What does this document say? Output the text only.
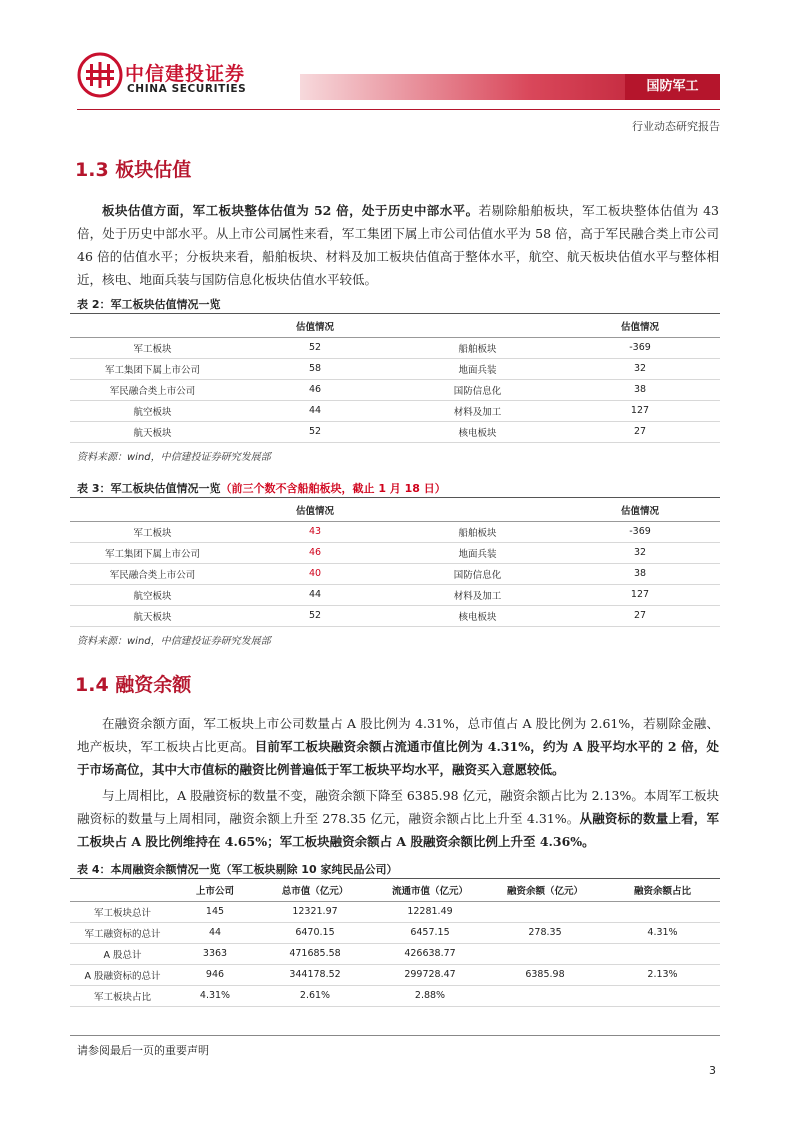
中信建投证券
CHINA SECURITIES	国防军工
行业动态研究报告
1.3 板块估值
板块估值方面，军工板块整体估值为 52 倍，处于历史中部水平。若剔除船舶板块，军工板块整体估值为 43 倍，处于历史中部水平。从上市公司属性来看，军工集团下属上市公司估值水平为 58 倍，高于军民融合类上市公司 46 倍的估值水平；分板块来看，船舶板块、材料及加工板块估值高于整体水平，航空、航天板块估值水平与整体相近，核电、地面兵装与国防信息化板块估值水平较低。
表 2：军工板块估值情况一览
	估值情况		估值情况
军工板块	52	船舶板块	-369
军工集团下属上市公司	58	地面兵装	32
军民融合类上市公司	46	国防信息化	38
航空板块	44	材料及加工	127
航天板块	52	核电板块	27
资料来源：wind，中信建投证券研究发展部
表 3：军工板块估值情况一览（前三个数不含船舶板块，截止 1 月 18 日）
	估值情况		估值情况
军工板块	43	船舶板块	-369
军工集团下属上市公司	46	地面兵装	32
军民融合类上市公司	40	国防信息化	38
航空板块	44	材料及加工	127
航天板块	52	核电板块	27
资料来源：wind，中信建投证券研究发展部
1.4 融资余额
在融资余额方面，军工板块上市公司数量占 A 股比例为 4.31%，总市值占 A 股比例为 2.61%，若剔除金融、地产板块，军工板块占比更高。目前军工板块融资余额占流通市值比例为 4.31%，约为 A 股平均水平的 2 倍，处于市场高位，其中大市值标的融资比例普遍低于军工板块平均水平，融资买入意愿较低。
与上周相比，A 股融资标的数量不变，融资余额下降至 6385.98 亿元，融资余额占比为 2.13%。本周军工板块融资标的数量与上周相同，融资余额上升至 278.35 亿元，融资余额占比上升至 4.31%。从融资标的数量上看，军工板块占 A 股比例维持在 4.65%；军工板块融资余额占 A 股融资余额比例上升至 4.36%。
表 4：本周融资余额情况一览（军工板块剔除 10 家纯民品公司）
	上市公司	总市值（亿元）	流通市值（亿元）	融资余额（亿元）	融资余额占比
军工板块总计	145	12321.97	12281.49		
军工融资标的总计	44	6470.15	6457.15	278.35	4.31%
A 股总计	3363	471685.58	426638.77		
A 股融资标的总计	946	344178.52	299728.47	6385.98	2.13%
军工板块占比	4.31%	2.61%	2.88%		
请参阅最后一页的重要声明
3
